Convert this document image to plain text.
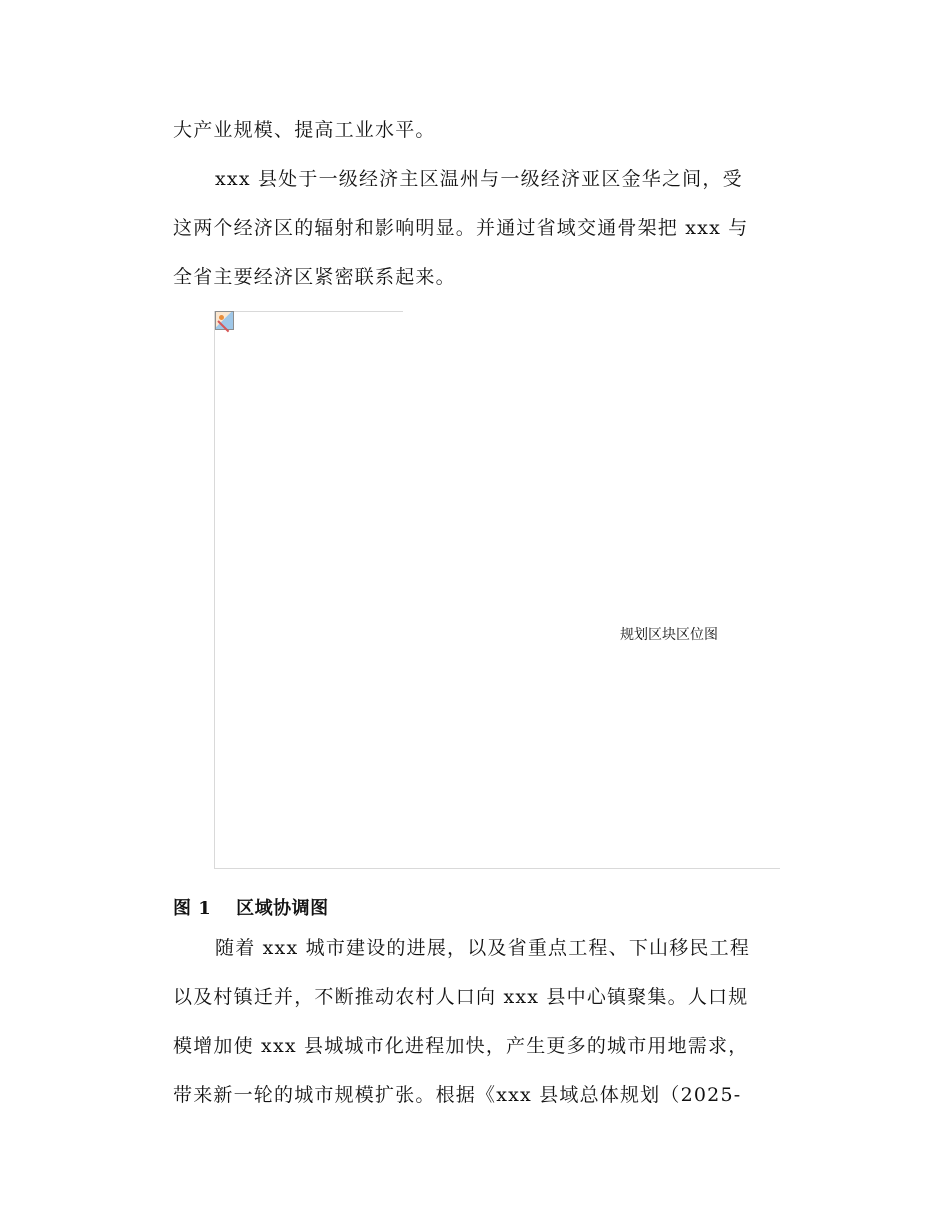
大产业规模、提高工业水平。
xxx 县处于一级经济主区温州与一级经济亚区金华之间，受
这两个经济区的辐射和影响明显。并通过省域交通骨架把 xxx 与
全省主要经济区紧密联系起来。
规划区块区位图
图 1 区域协调图
随着 xxx 城市建设的进展，以及省重点工程、下山移民工程
以及村镇迁并，不断推动农村人口向 xxx 县中心镇聚集。人口规
模增加使 xxx 县城城市化进程加快，产生更多的城市用地需求，
带来新一轮的城市规模扩张。根据《xxx 县域总体规划（2025-
